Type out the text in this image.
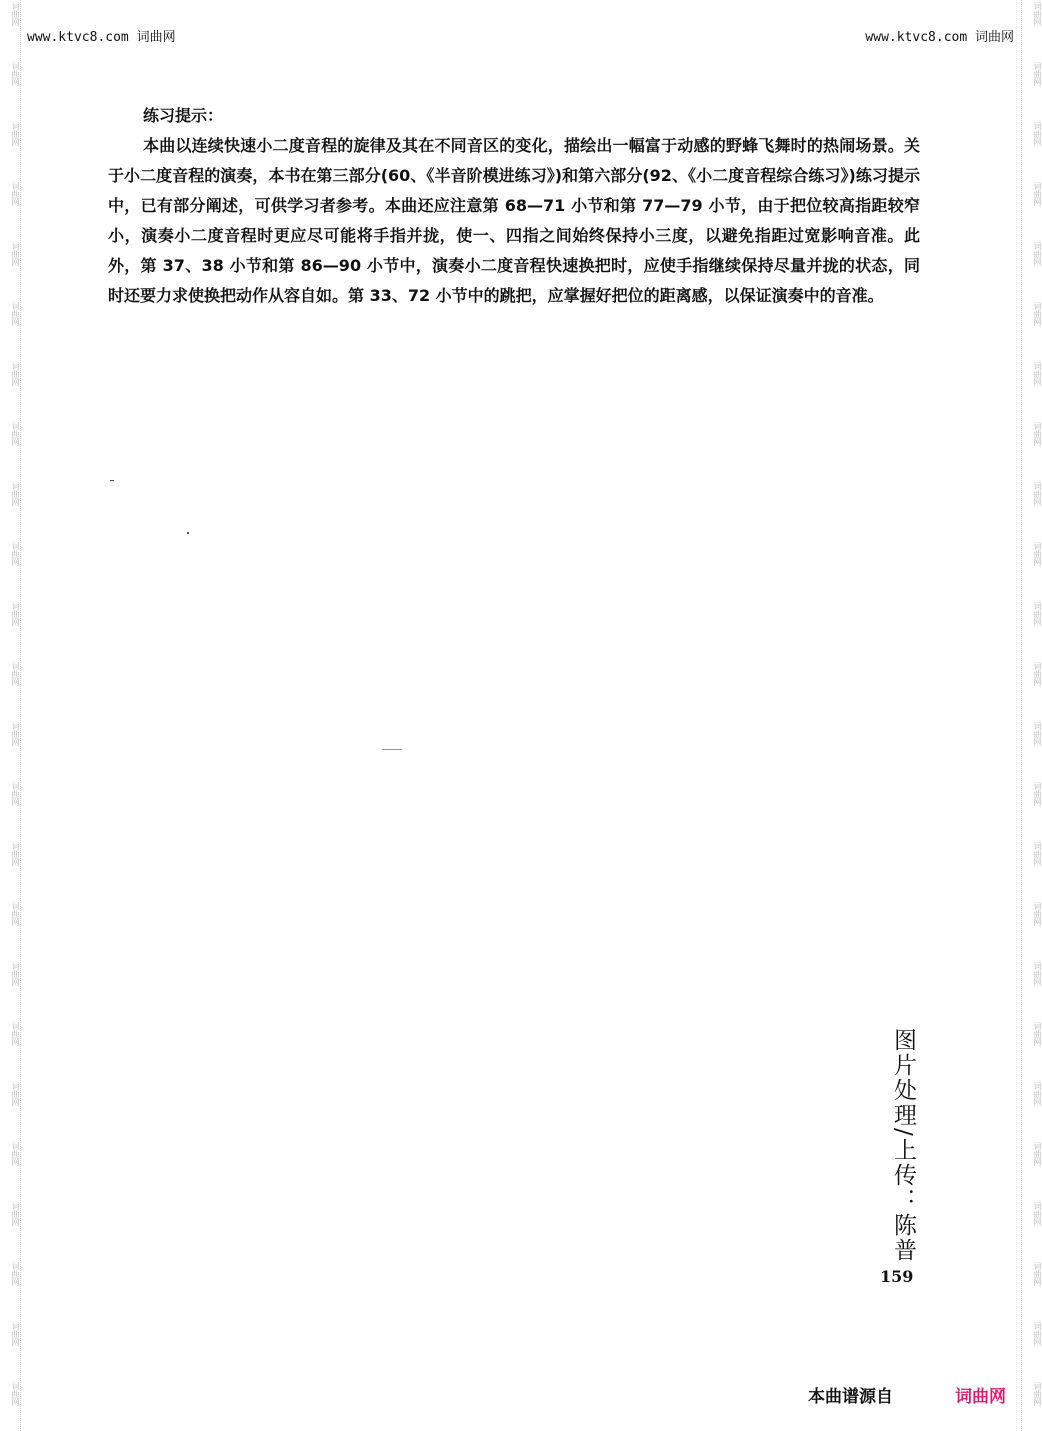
词曲网
词曲网
词曲网
词曲网
词曲网
词曲网
词曲网
词曲网
词曲网
词曲网
词曲网
词曲网
词曲网
词曲网
词曲网
词曲网
词曲网
词曲网
词曲网
词曲网
词曲网
词曲网
词曲网
词曲网
词曲网
词曲网
词曲网
词曲网
词曲网
词曲网
词曲网
词曲网
词曲网
词曲网
词曲网
词曲网
词曲网
词曲网
词曲网
词曲网
词曲网
词曲网
词曲网
词曲网
词曲网
词曲网
词曲网
词曲网
www.ktvc8.com 词曲网	www.ktvc8.com 词曲网
练习提示：
本曲以连续快速小二度音程的旋律及其在不同音区的变化，描绘出一幅富于动感的野蜂飞舞时的热闹场景。关于小二度音程的演奏，本书在第三部分(60、《半音阶模进练习》)和第六部分(92、《小二度音程综合练习》)练习提示中，已有部分阐述，可供学习者参考。本曲还应注意第 68—71 小节和第 77—79 小节，由于把位较高指距较窄小，演奏小二度音程时更应尽可能将手指并拢，使一、四指之间始终保持小三度，以避免指距过宽影响音准。此外，第 37、38 小节和第 86—90 小节中，演奏小二度音程快速换把时，应使手指继续保持尽量并拢的状态，同时还要力求使换把动作从容自如。第 33、72 小节中的跳把，应掌握好把位的距离感，以保证演奏中的音准。
图片处理/上传：陈普
159
本曲谱源自	词曲网
